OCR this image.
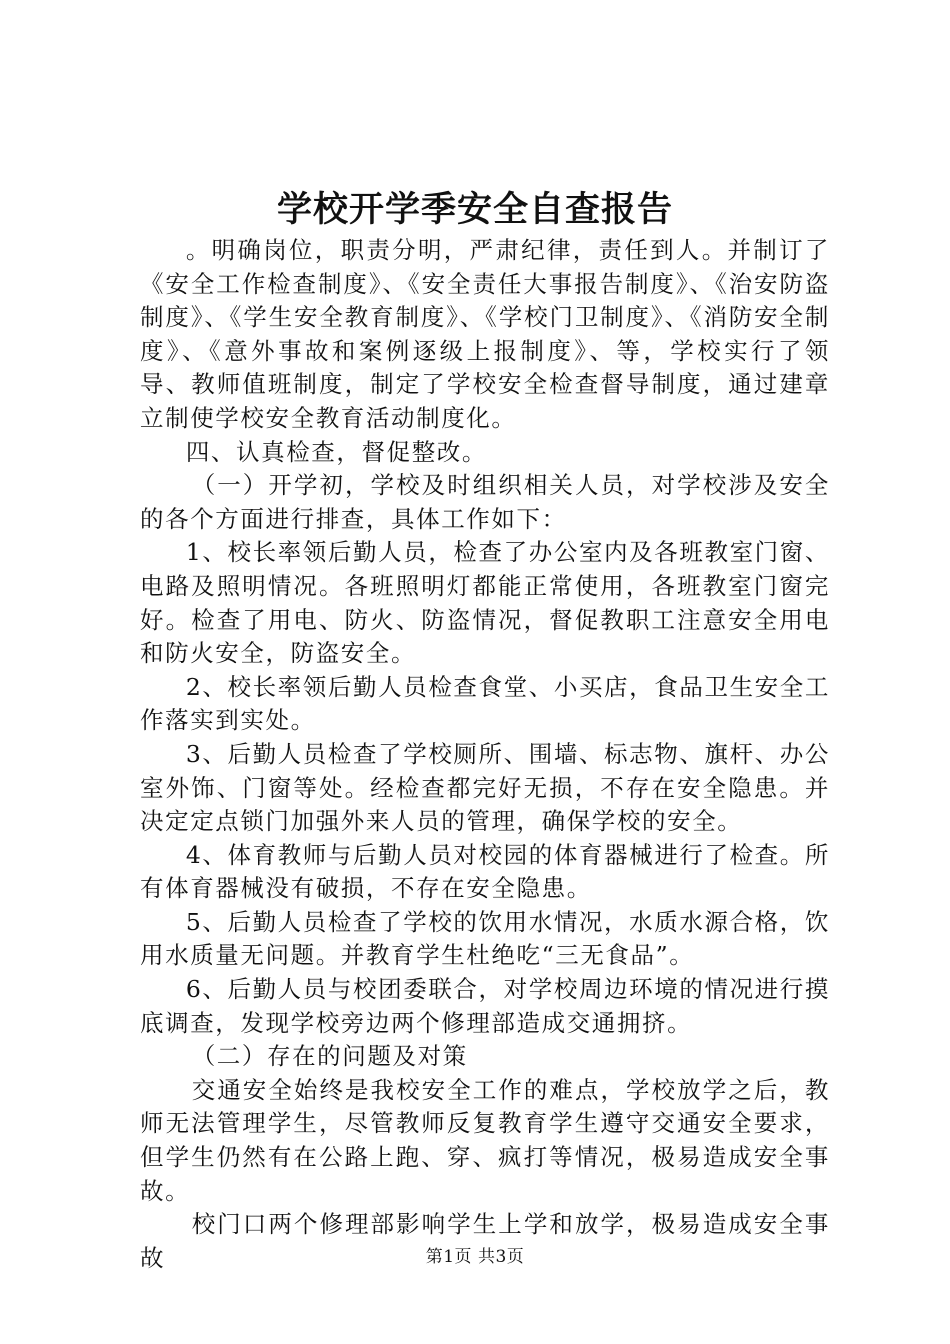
学校开学季安全自查报告

。明确岗位，职责分明，严肃纪律，责任到人。并制订了《安全工作检查制度》、《安全责任大事报告制度》、《治安防盗制度》、《学生安全教育制度》、《学校门卫制度》、《消防安全制度》、《意外事故和案例逐级上报制度》、等，学校实行了领导、教师值班制度，制定了学校安全检查督导制度，通过建章立制使学校安全教育活动制度化。

四、认真检查，督促整改。

（一）开学初，学校及时组织相关人员，对学校涉及安全的各个方面进行排查，具体工作如下：

1、校长率领后勤人员，检查了办公室内及各班教室门窗、电路及照明情况。各班照明灯都能正常使用，各班教室门窗完好。检查了用电、防火、防盗情况，督促教职工注意安全用电和防火安全，防盗安全。

2、校长率领后勤人员检查食堂、小买店，食品卫生安全工作落实到实处。

3、后勤人员检查了学校厕所、围墙、标志物、旗杆、办公室外饰、门窗等处。经检查都完好无损，不存在安全隐患。并决定定点锁门加强外来人员的管理，确保学校的安全。

4、体育教师与后勤人员对校园的体育器械进行了检查。所有体育器械没有破损，不存在安全隐患。

5、后勤人员检查了学校的饮用水情况，水质水源合格，饮用水质量无问题。并教育学生杜绝吃“三无食品”。

6、后勤人员与校团委联合，对学校周边环境的情况进行摸底调查，发现学校旁边两个修理部造成交通拥挤。

（二）存在的问题及对策

交通安全始终是我校安全工作的难点，学校放学之后，教师无法管理学生，尽管教师反复教育学生遵守交通安全要求，但学生仍然有在公路上跑、穿、疯打等情况，极易造成安全事故。

校门口两个修理部影响学生上学和放学，极易造成安全事故	第1页 共3页
